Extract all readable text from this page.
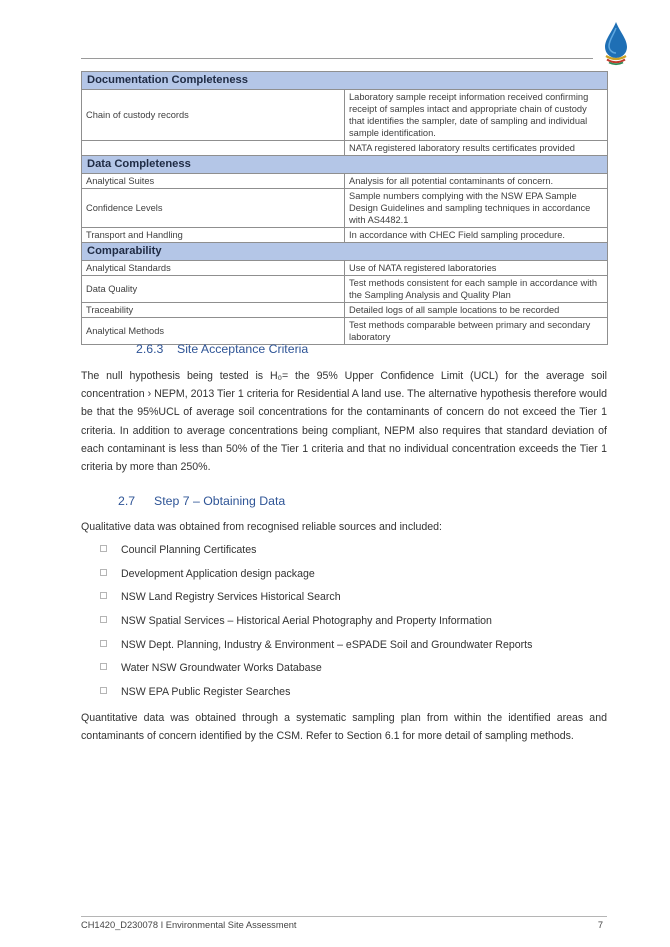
Documentation Completeness	
Chain of custody records	Laboratory sample receipt information received confirming receipt of samples intact and appropriate chain of custody that identifies the sampler, date of sampling and individual sample identification.
	NATA registered laboratory results certificates provided
Data Completeness	
Analytical Suites	Analysis for all potential contaminants of concern.
Confidence Levels	Sample numbers complying with the NSW EPA Sample Design Guidelines and sampling techniques in accordance with AS4482.1
Transport and Handling	In accordance with CHEC Field sampling procedure.
Comparability	
Analytical Standards	Use of NATA registered laboratories
Data Quality	Test methods consistent for each sample in accordance with the Sampling Analysis and Quality Plan
Traceability	Detailed logs of all sample locations to be recorded
Analytical Methods	Test methods comparable between primary and secondary laboratory
2.6.3 Site Acceptance Criteria

The null hypothesis being tested is H₀= the 95% Upper Confidence Limit (UCL) for the average soil concentration › NEPM, 2013 Tier 1 criteria for Residential A land use. The alternative hypothesis therefore would be that the 95%UCL of average soil concentrations for the contaminants of concern do not exceed the Tier 1 criteria. In addition to average concentrations being compliant, NEPM also requires that standard deviation of each contaminant is less than 50% of the Tier 1 criteria and that no individual concentration exceeds the Tier 1 criteria by more than 250%.

2.7 Step 7 – Obtaining Data

Qualitative data was obtained from recognised reliable sources and included:

Council Planning Certificates
Development Application design package
NSW Land Registry Services Historical Search
NSW Spatial Services – Historical Aerial Photography and Property Information
NSW Dept. Planning, Industry & Environment – eSPADE Soil and Groundwater Reports
Water NSW Groundwater Works Database
NSW EPA Public Register Searches

Quantitative data was obtained through a systematic sampling plan from within the identified areas and contaminants of concern identified by the CSM. Refer to Section 6.1 for more detail of sampling methods.

CH1420_D230078 I Environmental Site Assessment	7
